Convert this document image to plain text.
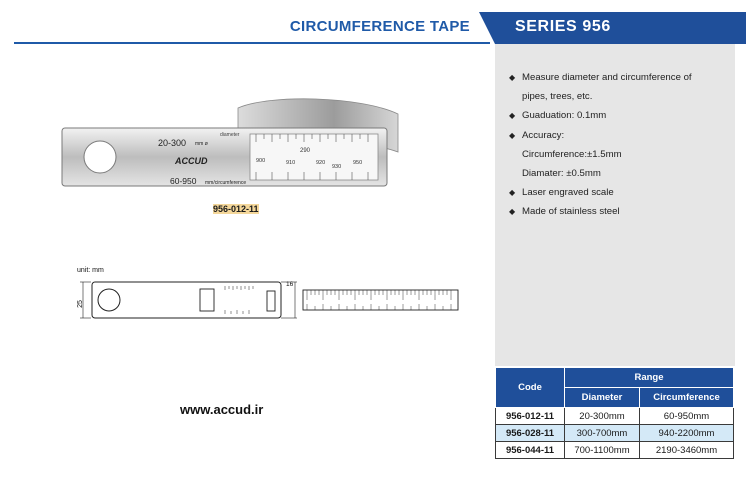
CIRCUMFERENCE TAPE	SERIES 956
20-300 mm ø
diameter
ACCUD
60-950 mm/circumference
290
900	910	920
930
950
956-012-11
unit: mm
25
16
www.accud.ir
◆ Measure diameter and circumference of
pipes, trees, etc.
◆ Guaduation: 0.1mm
◆ Accuracy:
Circumference:±1.5mm
Diamater: ±0.5mm
◆ Laser engraved scale
◆ Made of stainless steel
Code	Range	
	Diameter	Circumference
956-012-11	20-300mm	60-950mm
956-028-11	300-700mm	940-2200mm
956-044-11	700-1100mm	2190-3460mm
